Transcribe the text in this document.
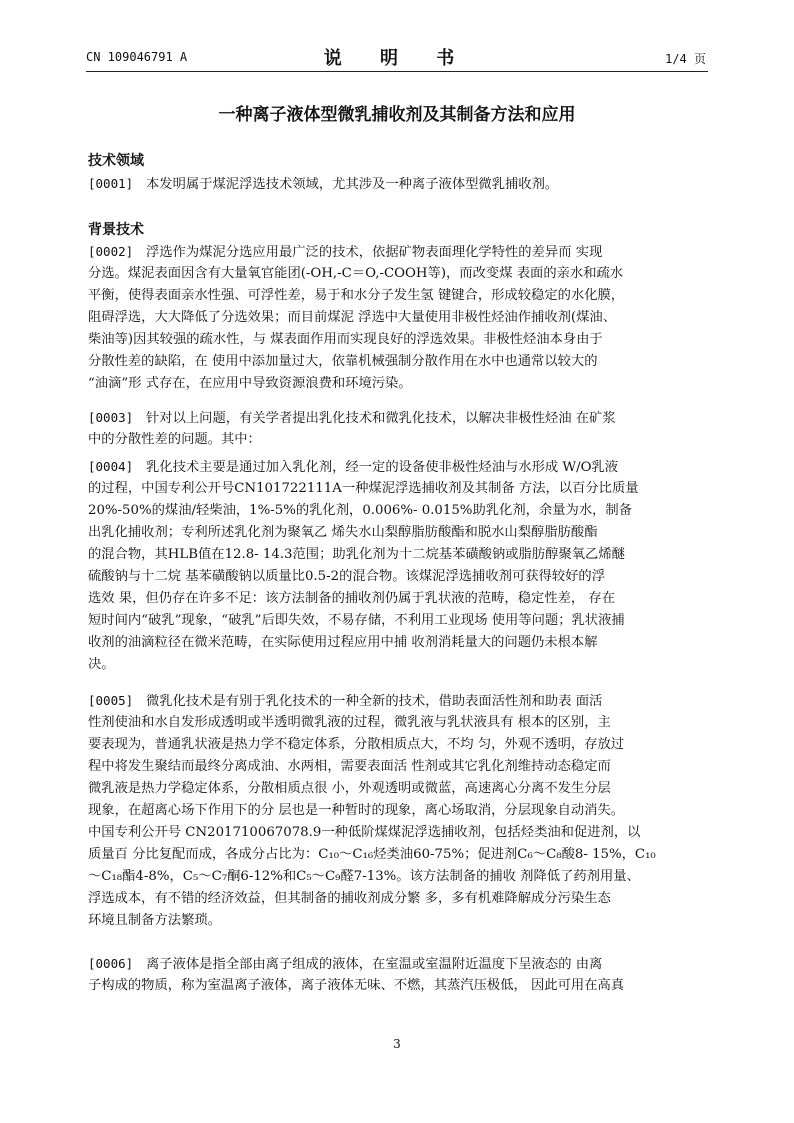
CN 109046791 A	说 明 书	1/4 页
一种离子液体型微乳捕收剂及其制备方法和应用
技术领域
[0001] 本发明属于煤泥浮选技术领域，尤其涉及一种离子液体型微乳捕收剂。
背景技术
[0002] 浮选作为煤泥分选应用最广泛的技术，依据矿物表面理化学特性的差异而 实现
分选。煤泥表面因含有大量氧官能团(-OH,-C＝O,-COOH等)，而改变煤 表面的亲水和疏水
平衡，使得表面亲水性强、可浮性差，易于和水分子发生氢 键键合，形成较稳定的水化膜，
阻碍浮选，大大降低了分选效果；而目前煤泥 浮选中大量使用非极性烃油作捕收剂(煤油、
柴油等)因其较强的疏水性，与 煤表面作用而实现良好的浮选效果。非极性烃油本身由于
分散性差的缺陷，在 使用中添加量过大，依靠机械强制分散作用在水中也通常以较大的
“油滴”形 式存在，在应用中导致资源浪费和环境污染。
[0003] 针对以上问题，有关学者提出乳化技术和微乳化技术，以解决非极性烃油 在矿浆
中的分散性差的问题。其中：
[0004] 乳化技术主要是通过加入乳化剂，经一定的设备使非极性烃油与水形成 W/O乳液
的过程，中国专利公开号CN101722111A一种煤泥浮选捕收剂及其制备 方法，以百分比质量
20%-50%的煤油/轻柴油，1%-5%的乳化剂，0.006%- 0.015%助乳化剂，余量为水，制备
出乳化捕收剂；专利所述乳化剂为聚氧乙 烯失水山梨醇脂肪酸酯和脱水山梨醇脂肪酸酯
的混合物，其HLB值在12.8- 14.3范围；助乳化剂为十二烷基苯磺酸钠或脂肪醇聚氧乙烯醚
硫酸钠与十二烷 基苯磺酸钠以质量比0.5-2的混合物。该煤泥浮选捕收剂可获得较好的浮
选效 果，但仍存在许多不足：该方法制备的捕收剂仍属于乳状液的范畴，稳定性差， 存在
短时间内“破乳”现象，“破乳”后即失效，不易存储，不利用工业现场 使用等问题；乳状液捕
收剂的油滴粒径在微米范畴，在实际使用过程应用中捕 收剂消耗量大的问题仍未根本解
决。
[0005] 微乳化技术是有别于乳化技术的一种全新的技术，借助表面活性剂和助表 面活
性剂使油和水自发形成透明或半透明微乳液的过程，微乳液与乳状液具有 根本的区别，主
要表现为，普通乳状液是热力学不稳定体系，分散相质点大，不均 匀，外观不透明，存放过
程中将发生聚结而最终分离成油、水两相，需要表面活 性剂或其它乳化剂维持动态稳定而
微乳液是热力学稳定体系，分散相质点很 小，外观透明或微蓝，高速离心分离不发生分层
现象，在超离心场下作用下的分 层也是一种暂时的现象，离心场取消，分层现象自动消失。
中国专利公开号 CN201710067078.9一种低阶煤煤泥浮选捕收剂，包括烃类油和促进剂，以
质量百 分比复配而成，各成分占比为：C₁₀～C₁₆烃类油60-75%；促进剂C₆～C₈酸8- 15%，C₁₀
～C₁₈酯4-8%，C₅～C₇酮6-12%和C₅～C₉醛7-13%。该方法制备的捕收 剂降低了药剂用量、
浮选成本，有不错的经济效益，但其制备的捕收剂成分繁 多，多有机难降解成分污染生态
环境且制备方法繁琐。
[0006] 离子液体是指全部由离子组成的液体，在室温或室温附近温度下呈液态的 由离
子构成的物质，称为室温离子液体，离子液体无味、不燃，其蒸汽压极低， 因此可用在高真
3
